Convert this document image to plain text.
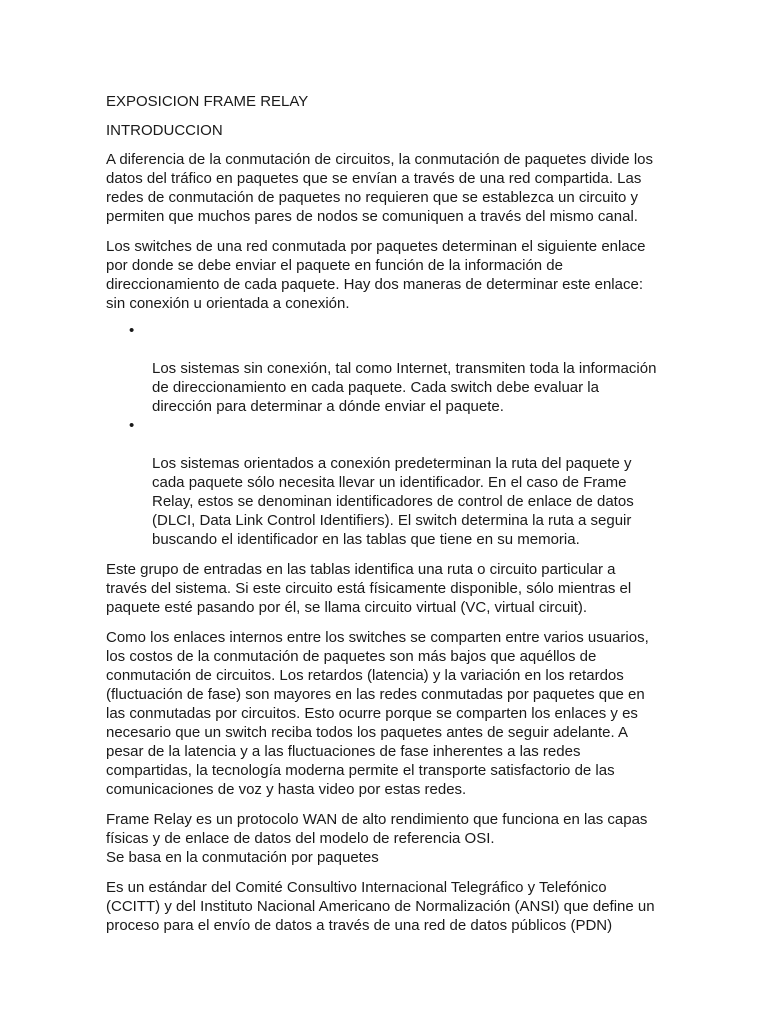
EXPOSICION FRAME RELAY

INTRODUCCION

A diferencia de la conmutación de circuitos, la conmutación de paquetes divide los
datos del tráfico en paquetes que se envían a través de una red compartida. Las
redes de conmutación de paquetes no requieren que se establezca un circuito y
permiten que muchos pares de nodos se comuniquen a través del mismo canal.

Los switches de una red conmutada por paquetes determinan el siguiente enlace
por donde se debe enviar el paquete en función de la información de
direccionamiento de cada paquete. Hay dos maneras de determinar este enlace:
sin conexión u orientada a conexión.

•

Los sistemas sin conexión, tal como Internet, transmiten toda la información
de direccionamiento en cada paquete. Cada switch debe evaluar la
dirección para determinar a dónde enviar el paquete.

•

Los sistemas orientados a conexión predeterminan la ruta del paquete y
cada paquete sólo necesita llevar un identificador. En el caso de Frame
Relay, estos se denominan identificadores de control de enlace de datos
(DLCI, Data Link Control Identifiers). El switch determina la ruta a seguir
buscando el identificador en las tablas que tiene en su memoria.

Este grupo de entradas en las tablas identifica una ruta o circuito particular a
través del sistema. Si este circuito está físicamente disponible, sólo mientras el
paquete esté pasando por él, se llama circuito virtual (VC, virtual circuit).

Como los enlaces internos entre los switches se comparten entre varios usuarios,
los costos de la conmutación de paquetes son más bajos que aquéllos de
conmutación de circuitos. Los retardos (latencia) y la variación en los retardos
(fluctuación de fase) son mayores en las redes conmutadas por paquetes que en
las conmutadas por circuitos. Esto ocurre porque se comparten los enlaces y es
necesario que un switch reciba todos los paquetes antes de seguir adelante. A
pesar de la latencia y a las fluctuaciones de fase inherentes a las redes
compartidas, la tecnología moderna permite el transporte satisfactorio de las
comunicaciones de voz y hasta video por estas redes.

Frame Relay es un protocolo WAN de alto rendimiento que funciona en las capas
físicas y de enlace de datos del modelo de referencia OSI.
Se basa en la conmutación por paquetes

Es un estándar del Comité Consultivo Internacional Telegráfico y Telefónico
(CCITT) y del Instituto Nacional Americano de Normalización (ANSI) que define un
proceso para el envío de datos a través de una red de datos públicos (PDN)
